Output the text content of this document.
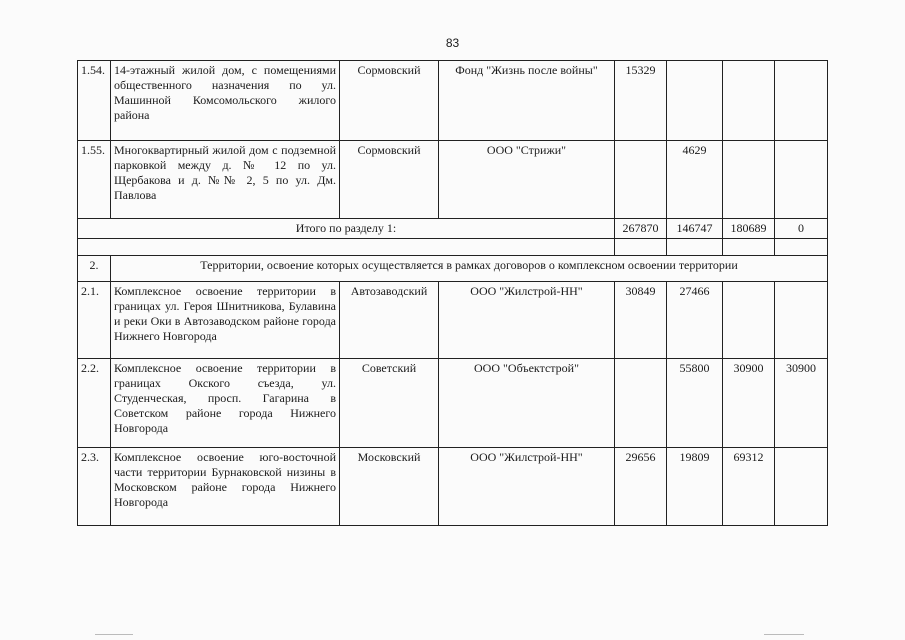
83
1.54.	14-этажный жилой дом, с помещениями общественного назначения по ул. Машинной Комсомольского жилого района	Сормовский	Фонд "Жизнь после войны"	15329			
1.55.	Многоквартирный жилой дом с подземной парковкой между д. № 12 по ул. Щербакова и д. №№ 2, 5 по ул. Дм. Павлова	Сормовский	ООО "Стрижи"		4629		
Итого по разделу 1:				267870	146747	180689	0

2.	Территории, освоение которых осуществляется в рамках договоров о комплексном освоении территории						
2.1.	Комплексное освоение территории в границах ул. Героя Шнитникова, Булавина и реки Оки в Автозаводском районе города Нижнего Новгорода	Автозаводский	ООО "Жилстрой-НН"	30849	27466		
2.2.	Комплексное освоение территории в границах Окского съезда, ул. Студенческая, просп. Гагарина в Советском районе города Нижнего Новгорода	Советский	ООО "Объектстрой"		55800	30900	30900
2.3.	Комплексное освоение юго-восточной части территории Бурнаковской низины в Московском районе города Нижнего Новгорода	Московский	ООО "Жилстрой-НН"	29656	19809	69312	
